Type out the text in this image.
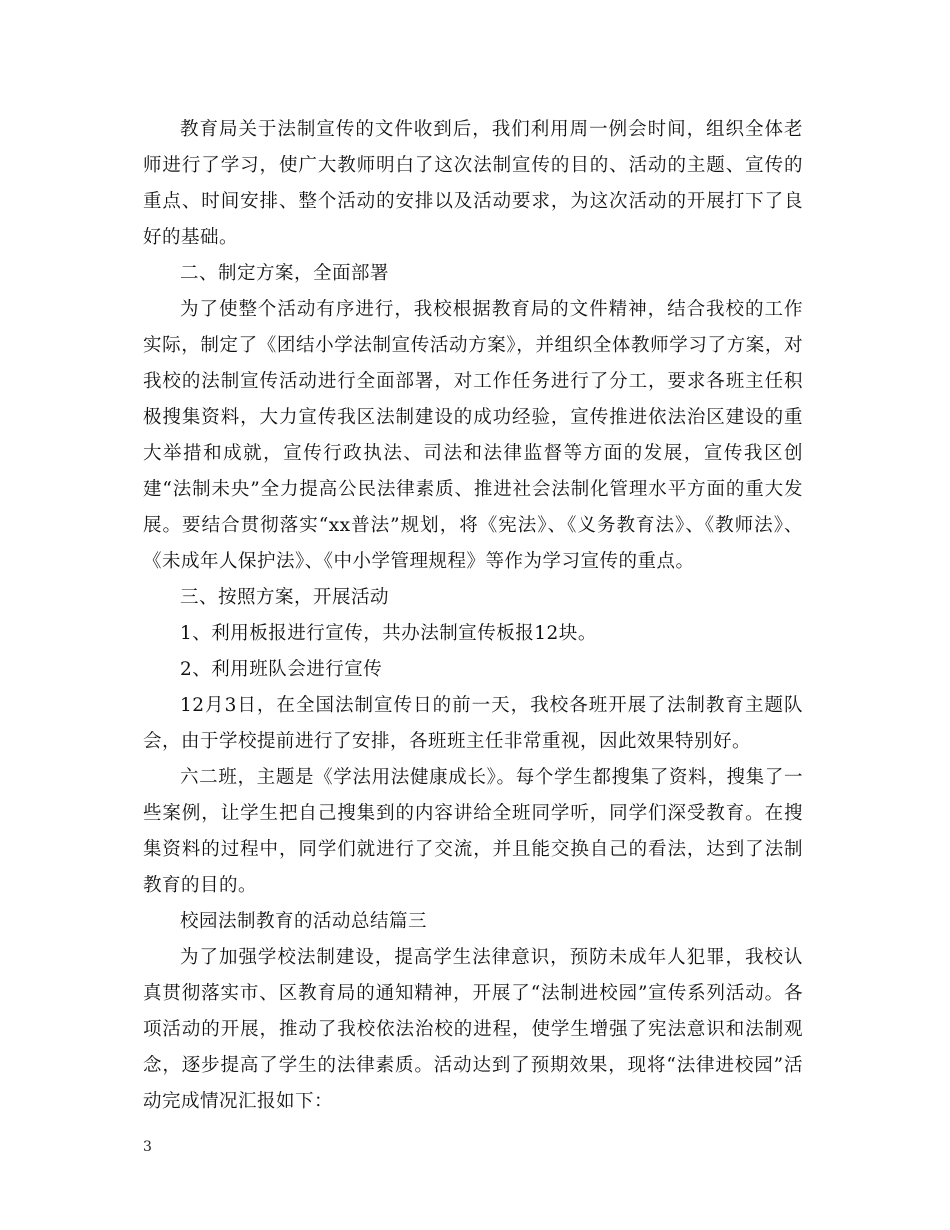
教育局关于法制宣传的文件收到后，我们利用周一例会时间，组织全体老师进行了学习，使广大教师明白了这次法制宣传的目的、活动的主题、宣传的重点、时间安排、整个活动的安排以及活动要求，为这次活动的开展打下了良好的基础。

二、制定方案，全面部署

为了使整个活动有序进行，我校根据教育局的文件精神，结合我校的工作实际，制定了《团结小学法制宣传活动方案》，并组织全体教师学习了方案，对我校的法制宣传活动进行全面部署，对工作任务进行了分工，要求各班主任积极搜集资料，大力宣传我区法制建设的成功经验，宣传推进依法治区建设的重大举措和成就，宣传行政执法、司法和法律监督等方面的发展，宣传我区创建“法制未央”全力提高公民法律素质、推进社会法制化管理水平方面的重大发展。要结合贯彻落实“xx普法”规划，将《宪法》、《义务教育法》、《教师法》、《未成年人保护法》、《中小学管理规程》等作为学习宣传的重点。

三、按照方案，开展活动

1、利用板报进行宣传，共办法制宣传板报12块。

2、利用班队会进行宣传

12月3日，在全国法制宣传日的前一天，我校各班开展了法制教育主题队会，由于学校提前进行了安排，各班班主任非常重视，因此效果特别好。

六二班，主题是《学法用法健康成长》。每个学生都搜集了资料，搜集了一些案例，让学生把自己搜集到的内容讲给全班同学听，同学们深受教育。在搜集资料的过程中，同学们就进行了交流，并且能交换自己的看法，达到了法制教育的目的。

校园法制教育的活动总结篇三

为了加强学校法制建设，提高学生法律意识，预防未成年人犯罪，我校认真贯彻落实市、区教育局的通知精神，开展了“法制进校园”宣传系列活动。各项活动的开展，推动了我校依法治校的进程，使学生增强了宪法意识和法制观念，逐步提高了学生的法律素质。活动达到了预期效果，现将“法律进校园”活动完成情况汇报如下：

3
